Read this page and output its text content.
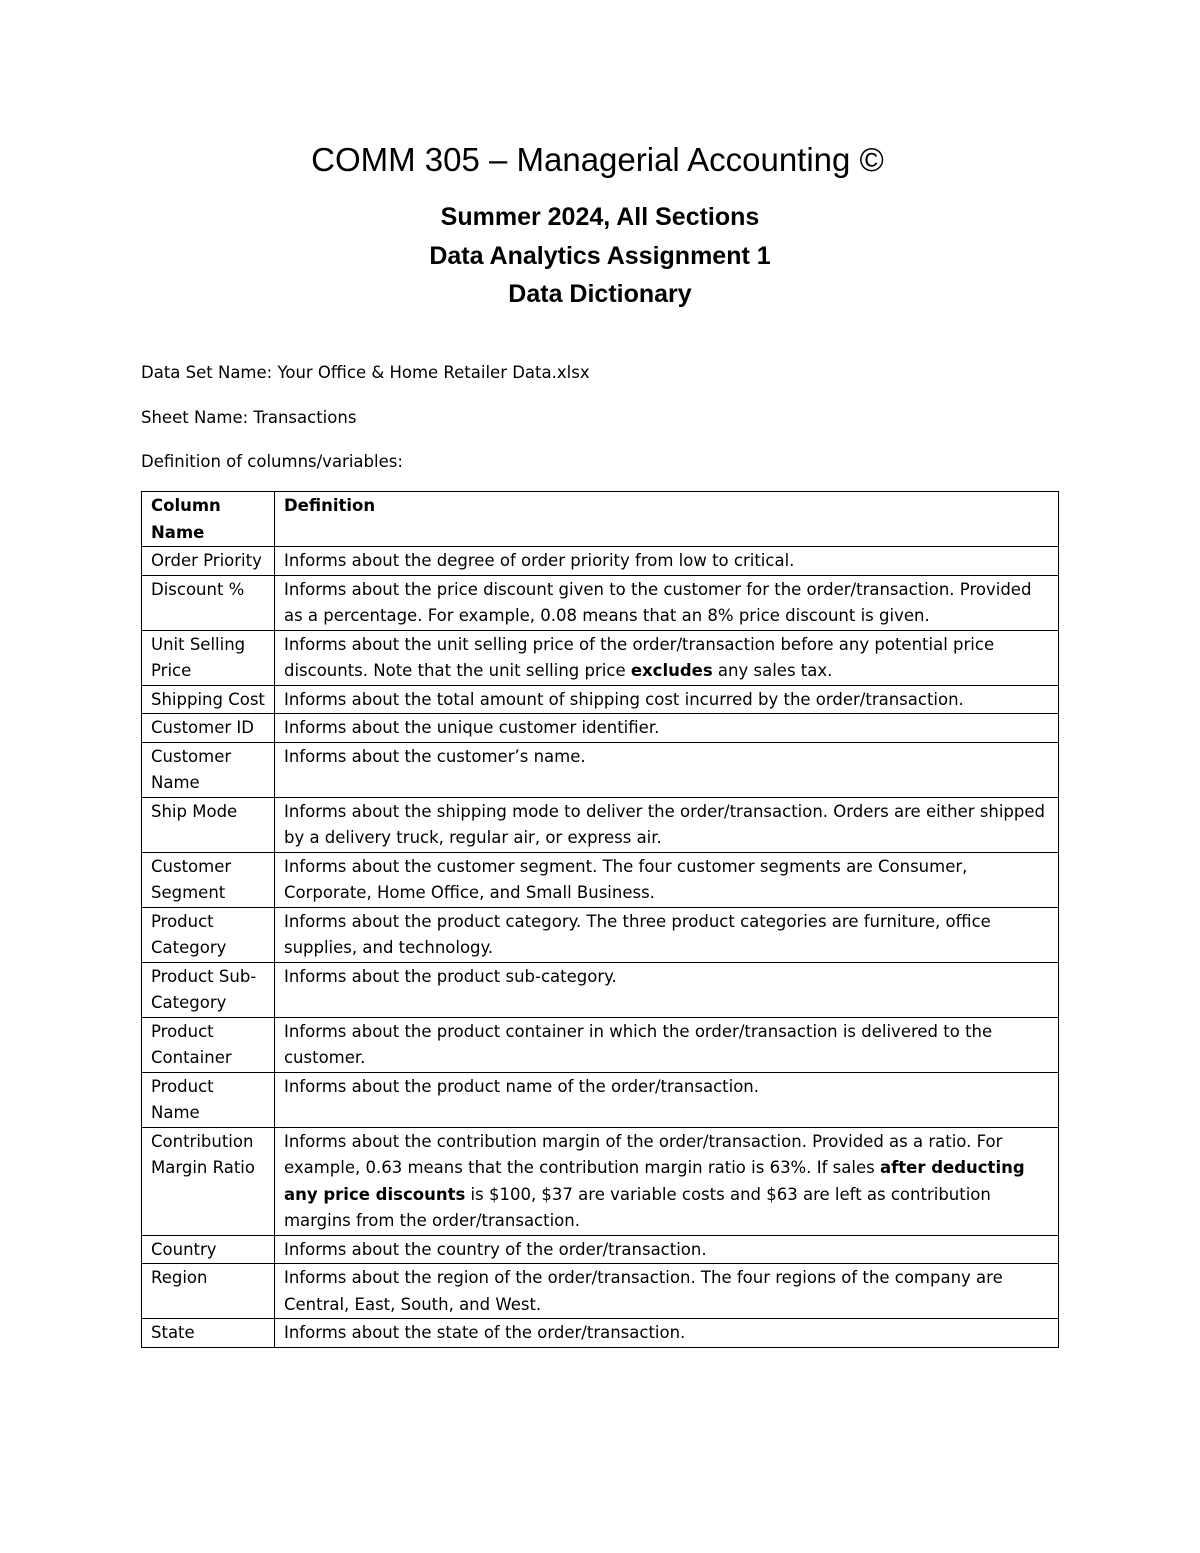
COMM 305 – Managerial Accounting ©
Summer 2024, All Sections
Data Analytics Assignment 1
Data Dictionary

Data Set Name: Your Office & Home Retailer Data.xlsx

Sheet Name: Transactions

Definition of columns/variables:

Column Name	Definition
Order Priority	Informs about the degree of order priority from low to critical.
Discount %	Informs about the price discount given to the customer for the order/transaction. Provided as a percentage. For example, 0.08 means that an 8% price discount is given.
Unit Selling Price	Informs about the unit selling price of the order/transaction before any potential price discounts. Note that the unit selling price excludes any sales tax.
Shipping Cost	Informs about the total amount of shipping cost incurred by the order/transaction.
Customer ID	Informs about the unique customer identifier.
Customer Name	Informs about the customer’s name.
Ship Mode	Informs about the shipping mode to deliver the order/transaction. Orders are either shipped by a delivery truck, regular air, or express air.
Customer Segment	Informs about the customer segment. The four customer segments are Consumer, Corporate, Home Office, and Small Business.
Product Category	Informs about the product category. The three product categories are furniture, office supplies, and technology.
Product Sub-Category	Informs about the product sub-category.
Product Container	Informs about the product container in which the order/transaction is delivered to the customer.
Product Name	Informs about the product name of the order/transaction.
Contribution Margin Ratio	Informs about the contribution margin of the order/transaction. Provided as a ratio. For example, 0.63 means that the contribution margin ratio is 63%. If sales after deducting any price discounts is $100, $37 are variable costs and $63 are left as contribution margins from the order/transaction.
Country	Informs about the country of the order/transaction.
Region	Informs about the region of the order/transaction. The four regions of the company are Central, East, South, and West.
State	Informs about the state of the order/transaction.
